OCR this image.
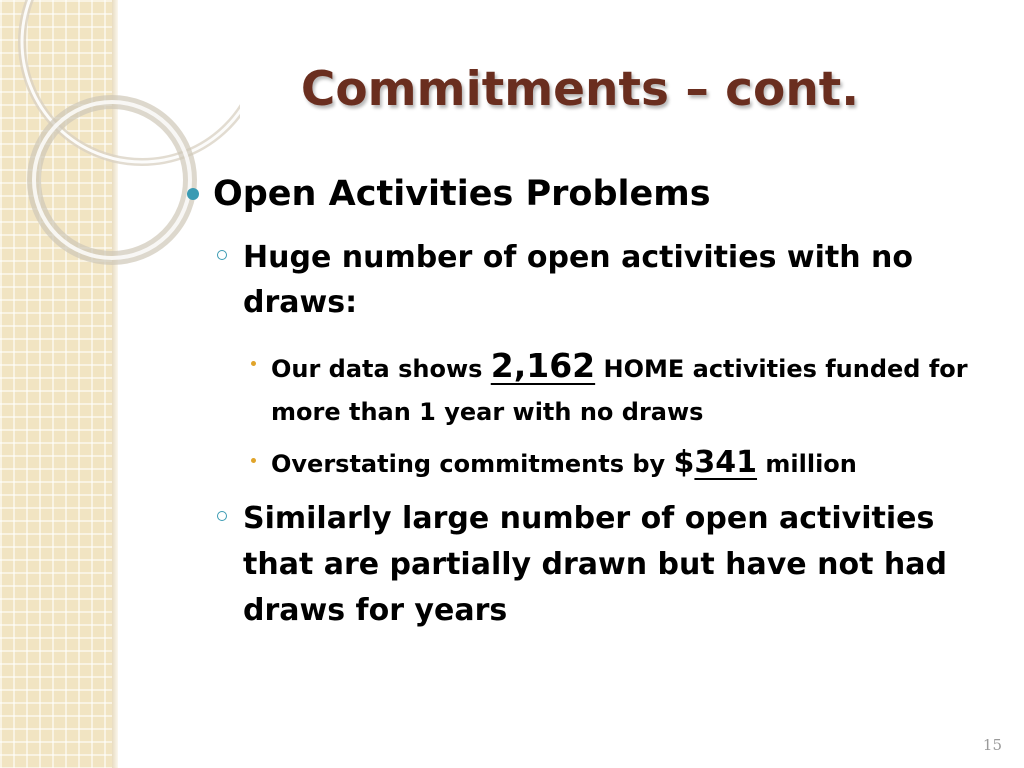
Commitments – cont.

Open Activities Problems

Huge number of open activities with no draws:

Our data shows 2,162 HOME activities funded for more than 1 year with no draws

Overstating commitments by $341 million

Similarly large number of open activities that are partially drawn but have not had draws for years

15
